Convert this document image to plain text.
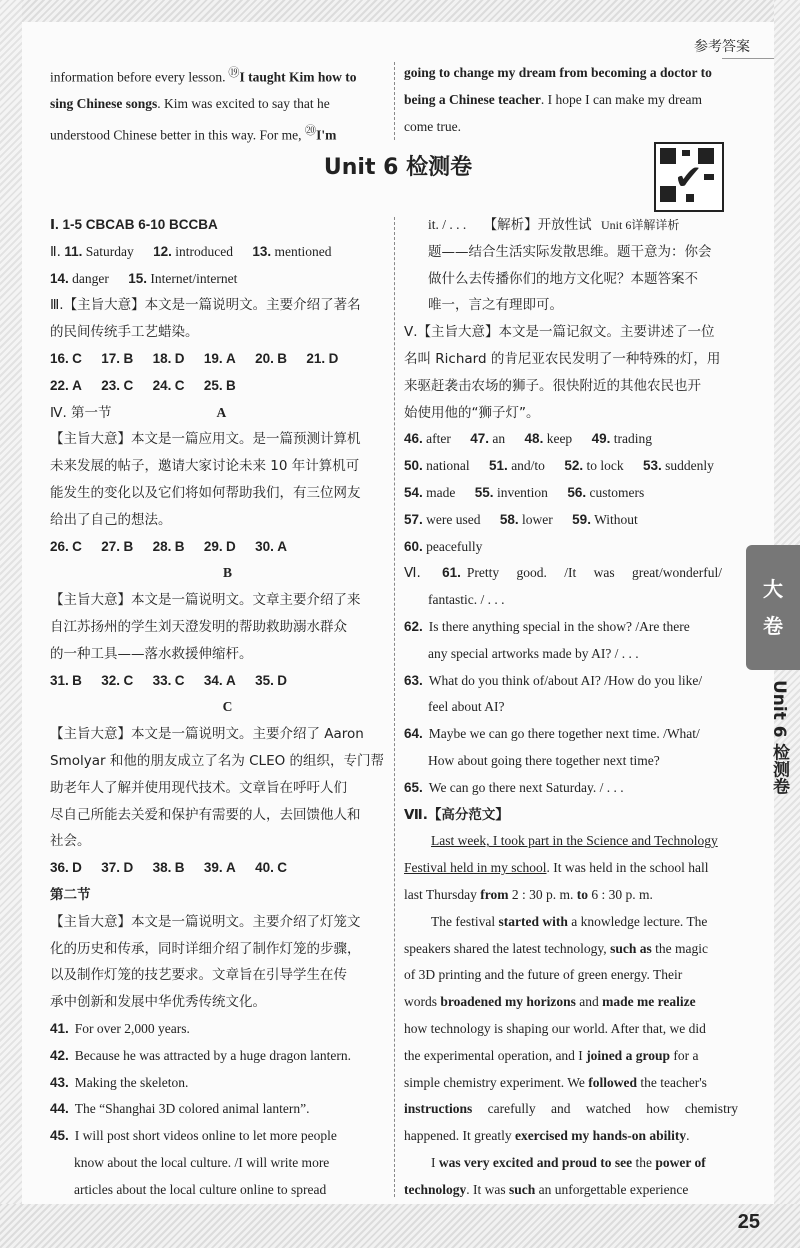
参考答案
information before every lesson. ⑲I taught Kim how to
sing Chinese songs. Kim was excited to say that he
understood Chinese better in this way. For me, ⑳I'm
going to change my dream from becoming a doctor to
being a Chinese teacher. I hope I can make my dream
come true.
Unit 6 检测卷	✔
Ⅰ. 1-5 CBCAB 6-10 BCCBA
Ⅱ. 11. Saturday 12. introduced 13. mentioned
14. danger 15. Internet/internet
Ⅲ.【主旨大意】本文是一篇说明文。主要介绍了著名
的民间传统手工艺蜡染。
16. C 17. B 18. D 19. A 20. B 21. D
22. A 23. C 24. C 25. B
Ⅳ. 第一节	A
【主旨大意】本文是一篇应用文。是一篇预测计算机
未来发展的帖子，邀请大家讨论未来 10 年计算机可
能发生的变化以及它们将如何帮助我们，有三位网友
给出了自己的想法。
26. C 27. B 28. B 29. D 30. A
B
【主旨大意】本文是一篇说明文。文章主要介绍了来
自江苏扬州的学生刘天澄发明的帮助救助溺水群众
的一种工具——落水救援伸缩杆。
31. B 32. C 33. C 34. A 35. D
C
【主旨大意】本文是一篇说明文。主要介绍了 Aaron
Smolyar 和他的朋友成立了名为 CLEO 的组织，专门帮
助老年人了解并使用现代技术。文章旨在呼吁人们
尽自己所能去关爱和保护有需要的人，去回馈他人和
社会。
36. D 37. D 38. B 39. A 40. C
第二节
【主旨大意】本文是一篇说明文。主要介绍了灯笼文
化的历史和传承，同时详细介绍了制作灯笼的步骤，
以及制作灯笼的技艺要求。文章旨在引导学生在传
承中创新和发展中华优秀传统文化。
41. For over 2,000 years.
42. Because he was attracted by a huge dragon lantern.
43. Making the skeleton.
44. The “Shanghai 3D colored animal lantern”.
45. I will post short videos online to let more people
know about the local culture. /I will write more
articles about the local culture online to spread
it. / . . . 【解析】开放性试 Unit 6详解详析
题——结合生活实际发散思维。题干意为：你会
做什么去传播你们的地方文化呢？本题答案不
唯一，言之有理即可。
Ⅴ.【主旨大意】本文是一篇记叙文。主要讲述了一位
名叫 Richard 的肯尼亚农民发明了一种特殊的灯，用
来驱赶袭击农场的狮子。很快附近的其他农民也开
始使用他的“狮子灯”。
46. after 47. an 48. keep 49. trading
50. national 51. and/to 52. to lock 53. suddenly
54. made 55. invention 56. customers
57. were used 58. lower 59. Without
60. peacefully
Ⅵ. 61. Pretty good. /It was great/wonderful/
fantastic. / . . .
62. Is there anything special in the show? /Are there
any special artworks made by AI? / . . .
63. What do you think of/about AI? /How do you like/
feel about AI?
64. Maybe we can go there together next time. /What/
How about going there together next time?
65. We can go there next Saturday. / . . .
Ⅶ.【高分范文】
Last week, I took part in the Science and Technology
Festival held in my school. It was held in the school hall
last Thursday from 2 : 30 p. m. to 6 : 30 p. m.
The festival started with a knowledge lecture. The
speakers shared the latest technology, such as the magic
of 3D printing and the future of green energy. Their
words broadened my horizons and made me realize
how technology is shaping our world. After that, we did
the experimental operation, and I joined a group for a
simple chemistry experiment. We followed the teacher's
instructions carefully and watched how chemistry
happened. It greatly exercised my hands-on ability.
I was very excited and proud to see the power of
technology. It was such an unforgettable experience
大
卷
Unit 6 检测卷
25
